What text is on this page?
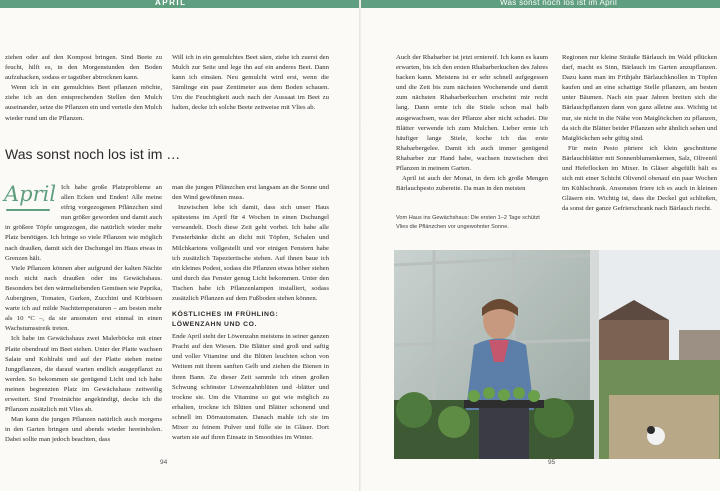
APRIL	Was sonst noch los ist im April

ziehen oder auf den Kompost bringen. Sind Beete zu feucht, hilft es, in den Morgenstunden den Boden aufzuhacken, sodass er tagsüber abtrocknen kann.

Wenn ich in ein gemulchtes Beet pflanzen möchte, ziehe ich an den entsprechenden Stellen den Mulch auseinander, setze die Pflanzen ein und verteile den Mulch wieder rund um die Pflanzen.

Will ich in ein gemulchtes Beet säen, ziehe ich zuerst den Mulch zur Seite und lege ihn auf ein anderes Beet. Dann kann ich einsäen. Neu gemulcht wird erst, wenn die Sämlinge ein paar Zentimeter aus dem Boden schauen. Um die Feuchtigkeit auch nach der Aussaat im Beet zu halten, decke ich solche Beete zeitweise mit Vlies ab.

Was sonst noch los ist im …
April Ich habe große Platzprobleme an allen Ecken und Enden! Alle meine eifrig vorgezogenen Pflänzchen sind nun größer geworden und damit auch in größere Töpfe umgezogen, die natürlich wieder mehr Platz benötigen. Ich bringe so viele Pflanzen wie möglich nach draußen, damit sich der Dschungel im Haus etwas in Grenzen hält.

Viele Pflanzen können aber aufgrund der kalten Nächte noch nicht nach draußen oder ins Gewächshaus. Besonders bei den wärmeliebenden Gemüsen wie Paprika, Auberginen, Tomaten, Gurken, Zucchini und Kürbissen warte ich auf milde Nachttemperaturen – am besten mehr als 10 °C –, da sie ansonsten erst einmal in einen Wachstumsstreik treten.

Ich habe im Gewächshaus zwei Malerböcke mit einer Platte obendrauf im Beet stehen. Unter der Platte wachsen Salate und Kohlrabi und auf der Platte stehen meine Jungpflanzen, die darauf warten endlich ausgepflanzt zu werden. So bekommen sie genügend Licht und ich habe meinen begrenzten Platz im Gewächshaus zeitweilig erweitert. Sind Frostnächte angekündigt, decke ich die Pflanzen zusätzlich mit Vlies ab.

Man kann die jungen Pflanzen natürlich auch morgens in den Garten bringen und abends wieder hereinholen. Dabei sollte man jedoch beachten, dass

man die jungen Pflänzchen erst langsam an die Sonne und den Wind gewöhnen muss.

Inzwischen lebe ich damit, dass sich unser Haus spätestens im April für 4 Wochen in einen Dschungel verwandelt. Doch diese Zeit geht vorbei. Ich habe alle Fensterbänke dicht an dicht mit Töpfen, Schalen und Milchkartons vollgestellt und vor einigen Fenstern habe ich zusätzlich Tapeziertische stehen. Auf ihnen baue ich ein kleines Podest, sodass die Pflanzen etwas höher stehen und durch das Fenster genug Licht bekommen. Unter den Tischen habe ich Pflanzenlampen installiert, sodass zusätzlich Pflanzen auf dem Fußboden stehen können.

KÖSTLICHES IM FRÜHLING:
LÖWENZAHN UND CO.

Ende April steht der Löwenzahn meistens in seiner ganzen Pracht auf den Wiesen. Die Blätter sind groß und saftig und voller Vitamine und die Blüten leuchten schon von Weitem mit ihrem sanften Gelb und ziehen die Bienen in ihren Bann. Zu dieser Zeit sammle ich einen großen Schwung schönster Löwenzahnblüten und -blätter und trockne sie. Um die Vitamine so gut wie möglich zu erhalten, trockne ich Blüten und Blätter schonend und schnell im Dörrautomaten. Danach mahle ich sie im Mixer zu feinem Pulver und fülle sie in Gläser. Dort warten sie auf ihren Einsatz in Smoothies im Winter.

94

Auch der Rhabarber ist jetzt erntereif. Ich kann es kaum erwarten, bis ich den ersten Rhabarberkuchen des Jahres backen kann. Meistens ist er sehr schnell aufgegessen und die Zeit bis zum nächsten Wochenende und damit zum nächsten Rhabarberkuchen erscheint mir recht lang. Dann ernte ich die Stiele schon mal halb ausgewachsen, was der Pflanze aber nicht schadet. Die Blätter verwende ich zum Mulchen. Lieber ernte ich häufiger lange Stiele, koche ich das erste Rhabarbergelee. Damit ich auch immer genügend Rhabarber zur Hand habe, wachsen inzwischen drei Pflanzen in meinem Garten.

April ist auch der Monat, in dem ich große Mengen Bärlauchpesto zubereite. Da man in den meisten

Regionen nur kleine Sträuße Bärlauch im Wald pflücken darf, macht es Sinn, Bärlauch im Garten anzupflanzen. Dazu kann man im Frühjahr Bärlauchknollen in Töpfen kaufen und an eine schattige Stelle pflanzen, am besten unter Bäumen. Nach ein paar Jahren breiten sich die Bärlauchpflanzen dann von ganz alleine aus. Wichtig ist nur, sie nicht in die Nähe von Maiglöckchen zu pflanzen, da sich die Blätter beider Pflanzen sehr ähnlich sehen und Maiglöckchen sehr giftig sind.

Für mein Pesto püriere ich klein geschnittene Bärlauchblätter mit Sonnenblumenkernen, Salz, Olivenöl und Hefeflocken im Mixer. In Gläser abgefüllt hält es sich mit einer Schicht Olivenöl obenauf ein paar Wochen im Kühlschrank. Ansonsten friere ich es auch in kleinen Gläsern ein. Wichtig ist, dass die Deckel gut schließen, da sonst der ganze Gefrierschrank nach Bärlauch riecht.

95
Vom Haus ins Gewächshaus: Die ersten 1–2 Tage schützt Vlies die Pflänzchen vor ungewohnter Sonne.
